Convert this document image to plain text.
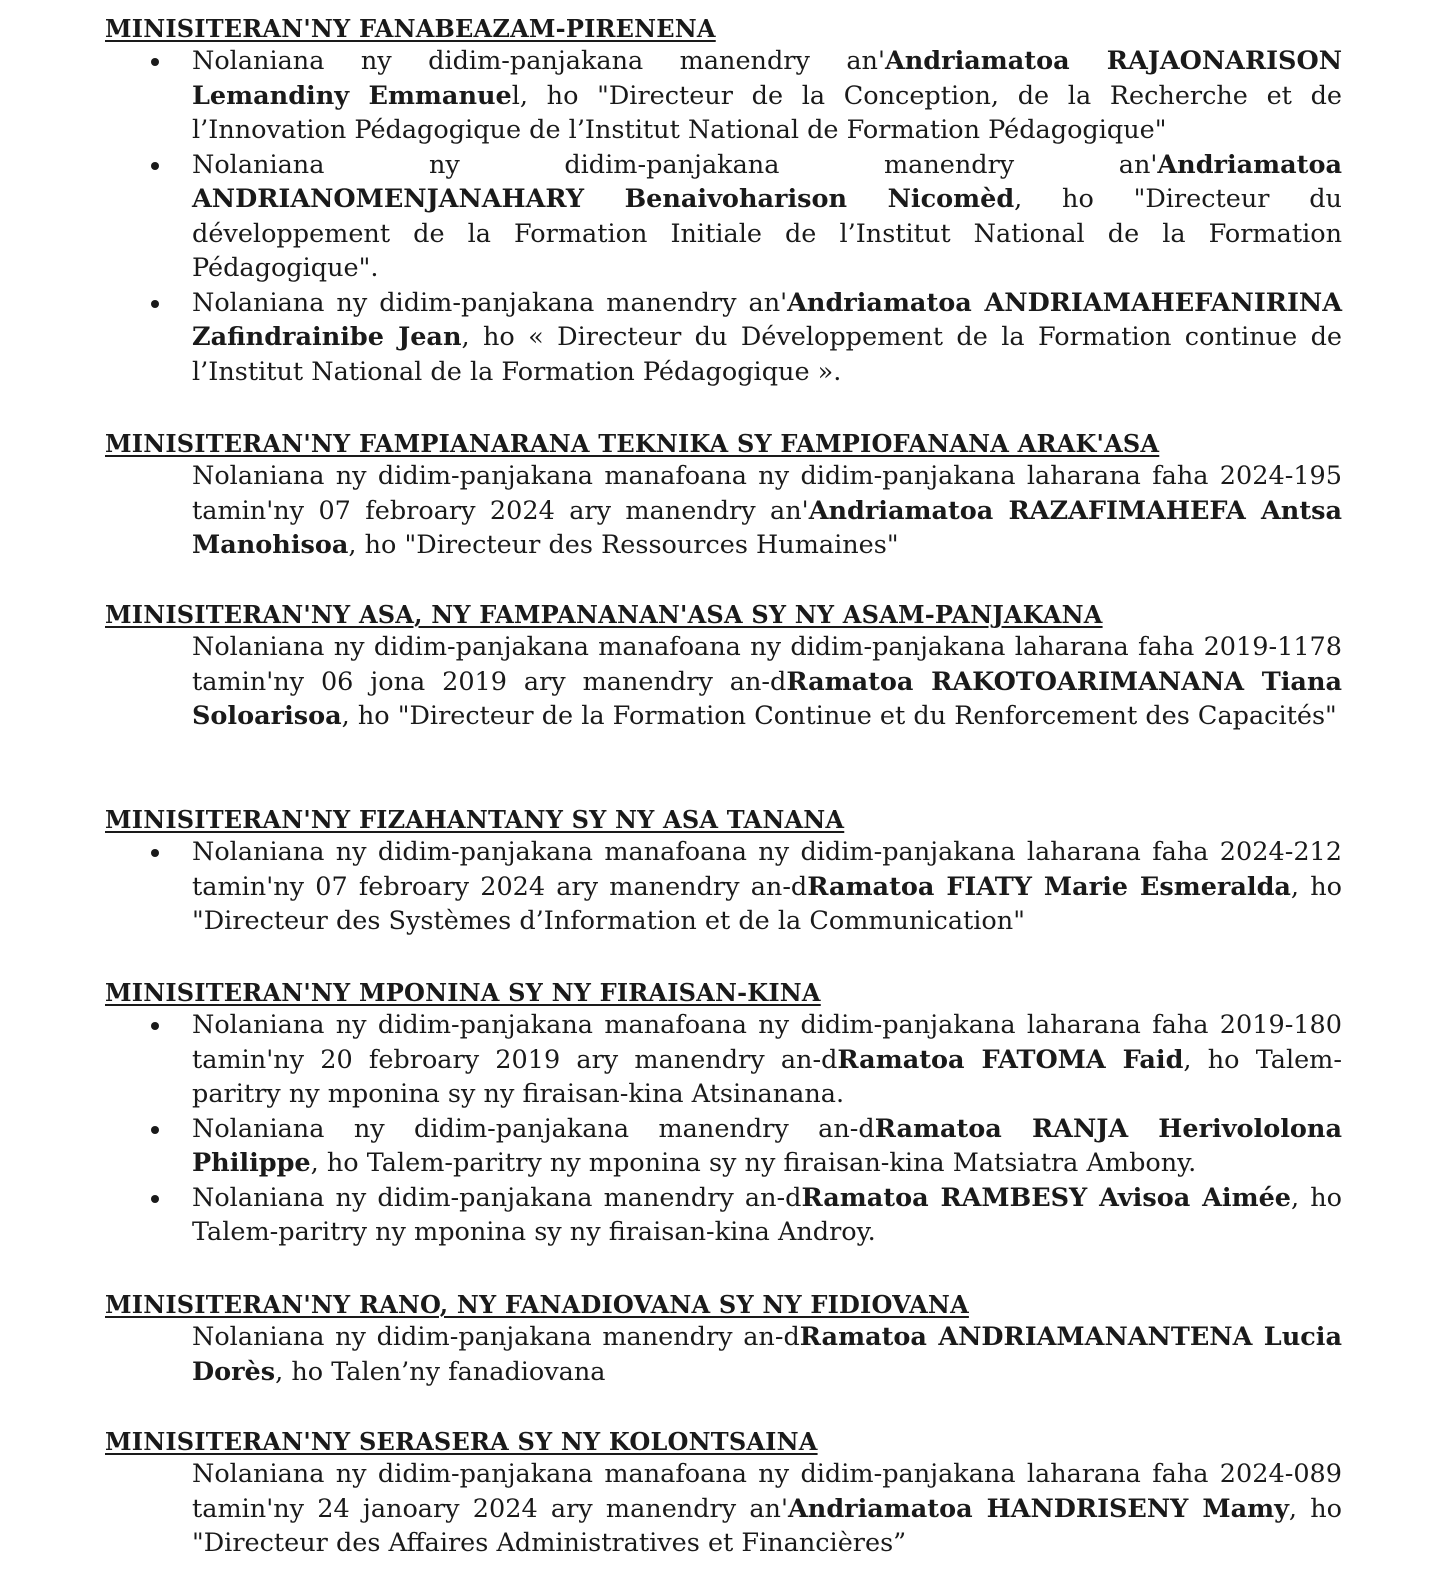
MINISITERAN'NY FANABEAZAM-PIRENENA
Nolaniana ny didim-panjakana manendry an'Andriamatoa RAJAONARISON Lemandiny Emmanuel, ho "Directeur de la Conception, de la Recherche et de l’Innovation Pédagogique de l’Institut National de Formation Pédagogique"
Nolaniana ny didim-panjakana manendry an'Andriamatoa ANDRIANOMENJANAHARY Benaivoharison Nicomèd, ho "Directeur du développement de la Formation Initiale de l’Institut National de la Formation Pédagogique".
Nolaniana ny didim-panjakana manendry an'Andriamatoa ANDRIAMAHEFANIRINA Zafindrainibe Jean, ho « Directeur du Développement de la Formation continue de l’Institut National de la Formation Pédagogique ».
MINISITERAN'NY FAMPIANARANA TEKNIKA SY FAMPIOFANANA ARAK'ASA
Nolaniana ny didim-panjakana manafoana ny didim-panjakana laharana faha 2024-195 tamin'ny 07 febroary 2024 ary manendry an'Andriamatoa RAZAFIMAHEFA Antsa Manohisoa, ho "Directeur des Ressources Humaines"
MINISITERAN'NY ASA, NY FAMPANANAN'ASA SY NY ASAM-PANJAKANA
Nolaniana ny didim-panjakana manafoana ny didim-panjakana laharana faha 2019-1178 tamin'ny 06 jona 2019 ary manendry an-dRamatoa RAKOTOARIMANANA Tiana Soloarisoa, ho "Directeur de la Formation Continue et du Renforcement des Capacités"
MINISITERAN'NY FIZAHANTANY SY NY ASA TANANA
Nolaniana ny didim-panjakana manafoana ny didim-panjakana laharana faha 2024-212 tamin'ny 07 febroary 2024 ary manendry an-dRamatoa FIATY Marie Esmeralda, ho "Directeur des Systèmes d’Information et de la Communication"
MINISITERAN'NY MPONINA SY NY FIRAISAN-KINA
Nolaniana ny didim-panjakana manafoana ny didim-panjakana laharana faha 2019-180 tamin'ny 20 febroary 2019 ary manendry an-dRamatoa FATOMA Faid, ho Talem-paritry ny mponina sy ny firaisan-kina Atsinanana.
Nolaniana ny didim-panjakana manendry an-dRamatoa RANJA Herivololona Philippe, ho Talem-paritry ny mponina sy ny firaisan-kina Matsiatra Ambony.
Nolaniana ny didim-panjakana manendry an-dRamatoa RAMBESY Avisoa Aimée, ho Talem-paritry ny mponina sy ny firaisan-kina Androy.
MINISITERAN'NY RANO, NY FANADIOVANA SY NY FIDIOVANA
Nolaniana ny didim-panjakana manendry an-dRamatoa ANDRIAMANANTENA Lucia Dorès, ho Talen’ny fanadiovana
MINISITERAN'NY SERASERA SY NY KOLONTSAINA
Nolaniana ny didim-panjakana manafoana ny didim-panjakana laharana faha 2024-089 tamin'ny 24 janoary 2024 ary manendry an'Andriamatoa HANDRISENY Mamy, ho "Directeur des Affaires Administratives et Financières”
